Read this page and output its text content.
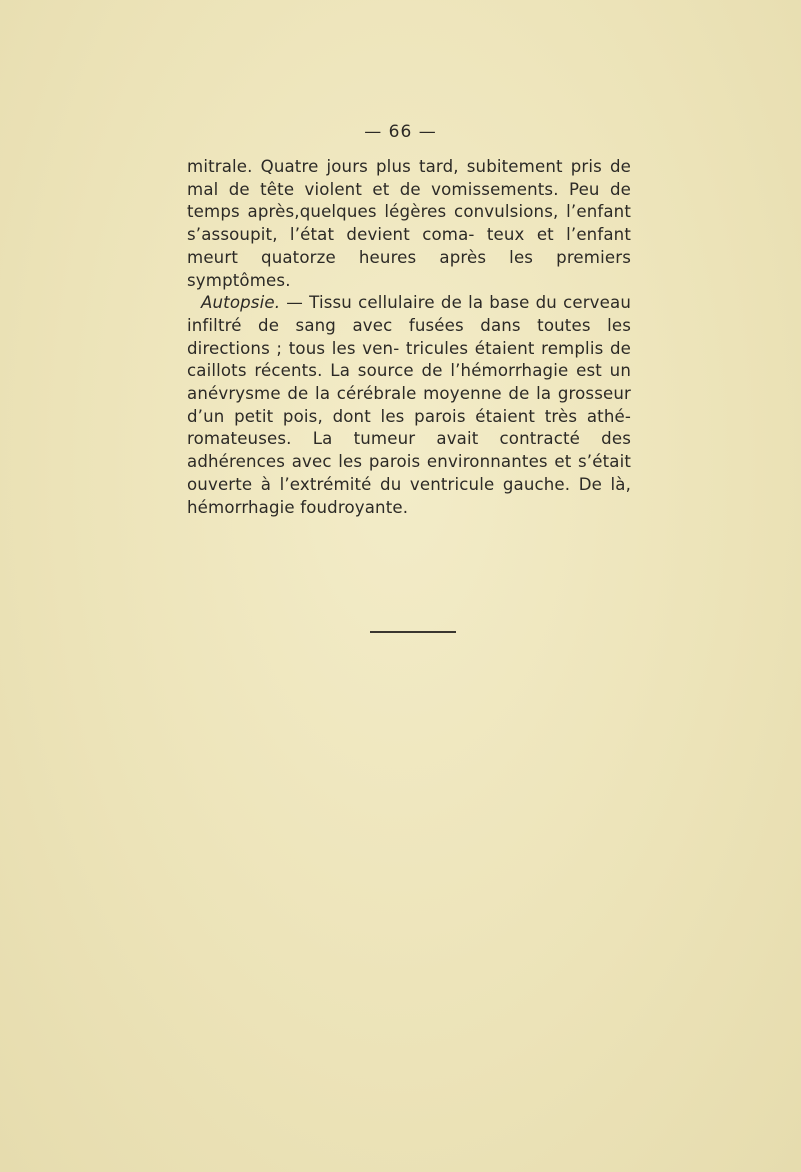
— 66 —

mitrale. Quatre jours plus tard, subitement pris de mal de tête violent et de vomissements. Peu de temps après,quelques légères convulsions, l’enfant s’assoupit, l’état devient coma- teux et l’enfant meurt quatorze heures après les premiers symptômes.

Autopsie. — Tissu cellulaire de la base du cerveau infiltré de sang avec fusées dans toutes les directions ; tous les ven- tricules étaient remplis de caillots récents. La source de l’hémorrhagie est un anévrysme de la cérébrale moyenne de la grosseur d’un petit pois, dont les parois étaient très athé- romateuses. La tumeur avait contracté des adhérences avec les parois environnantes et s’était ouverte à l’extrémité du ventricule gauche. De là, hémorrhagie foudroyante.
